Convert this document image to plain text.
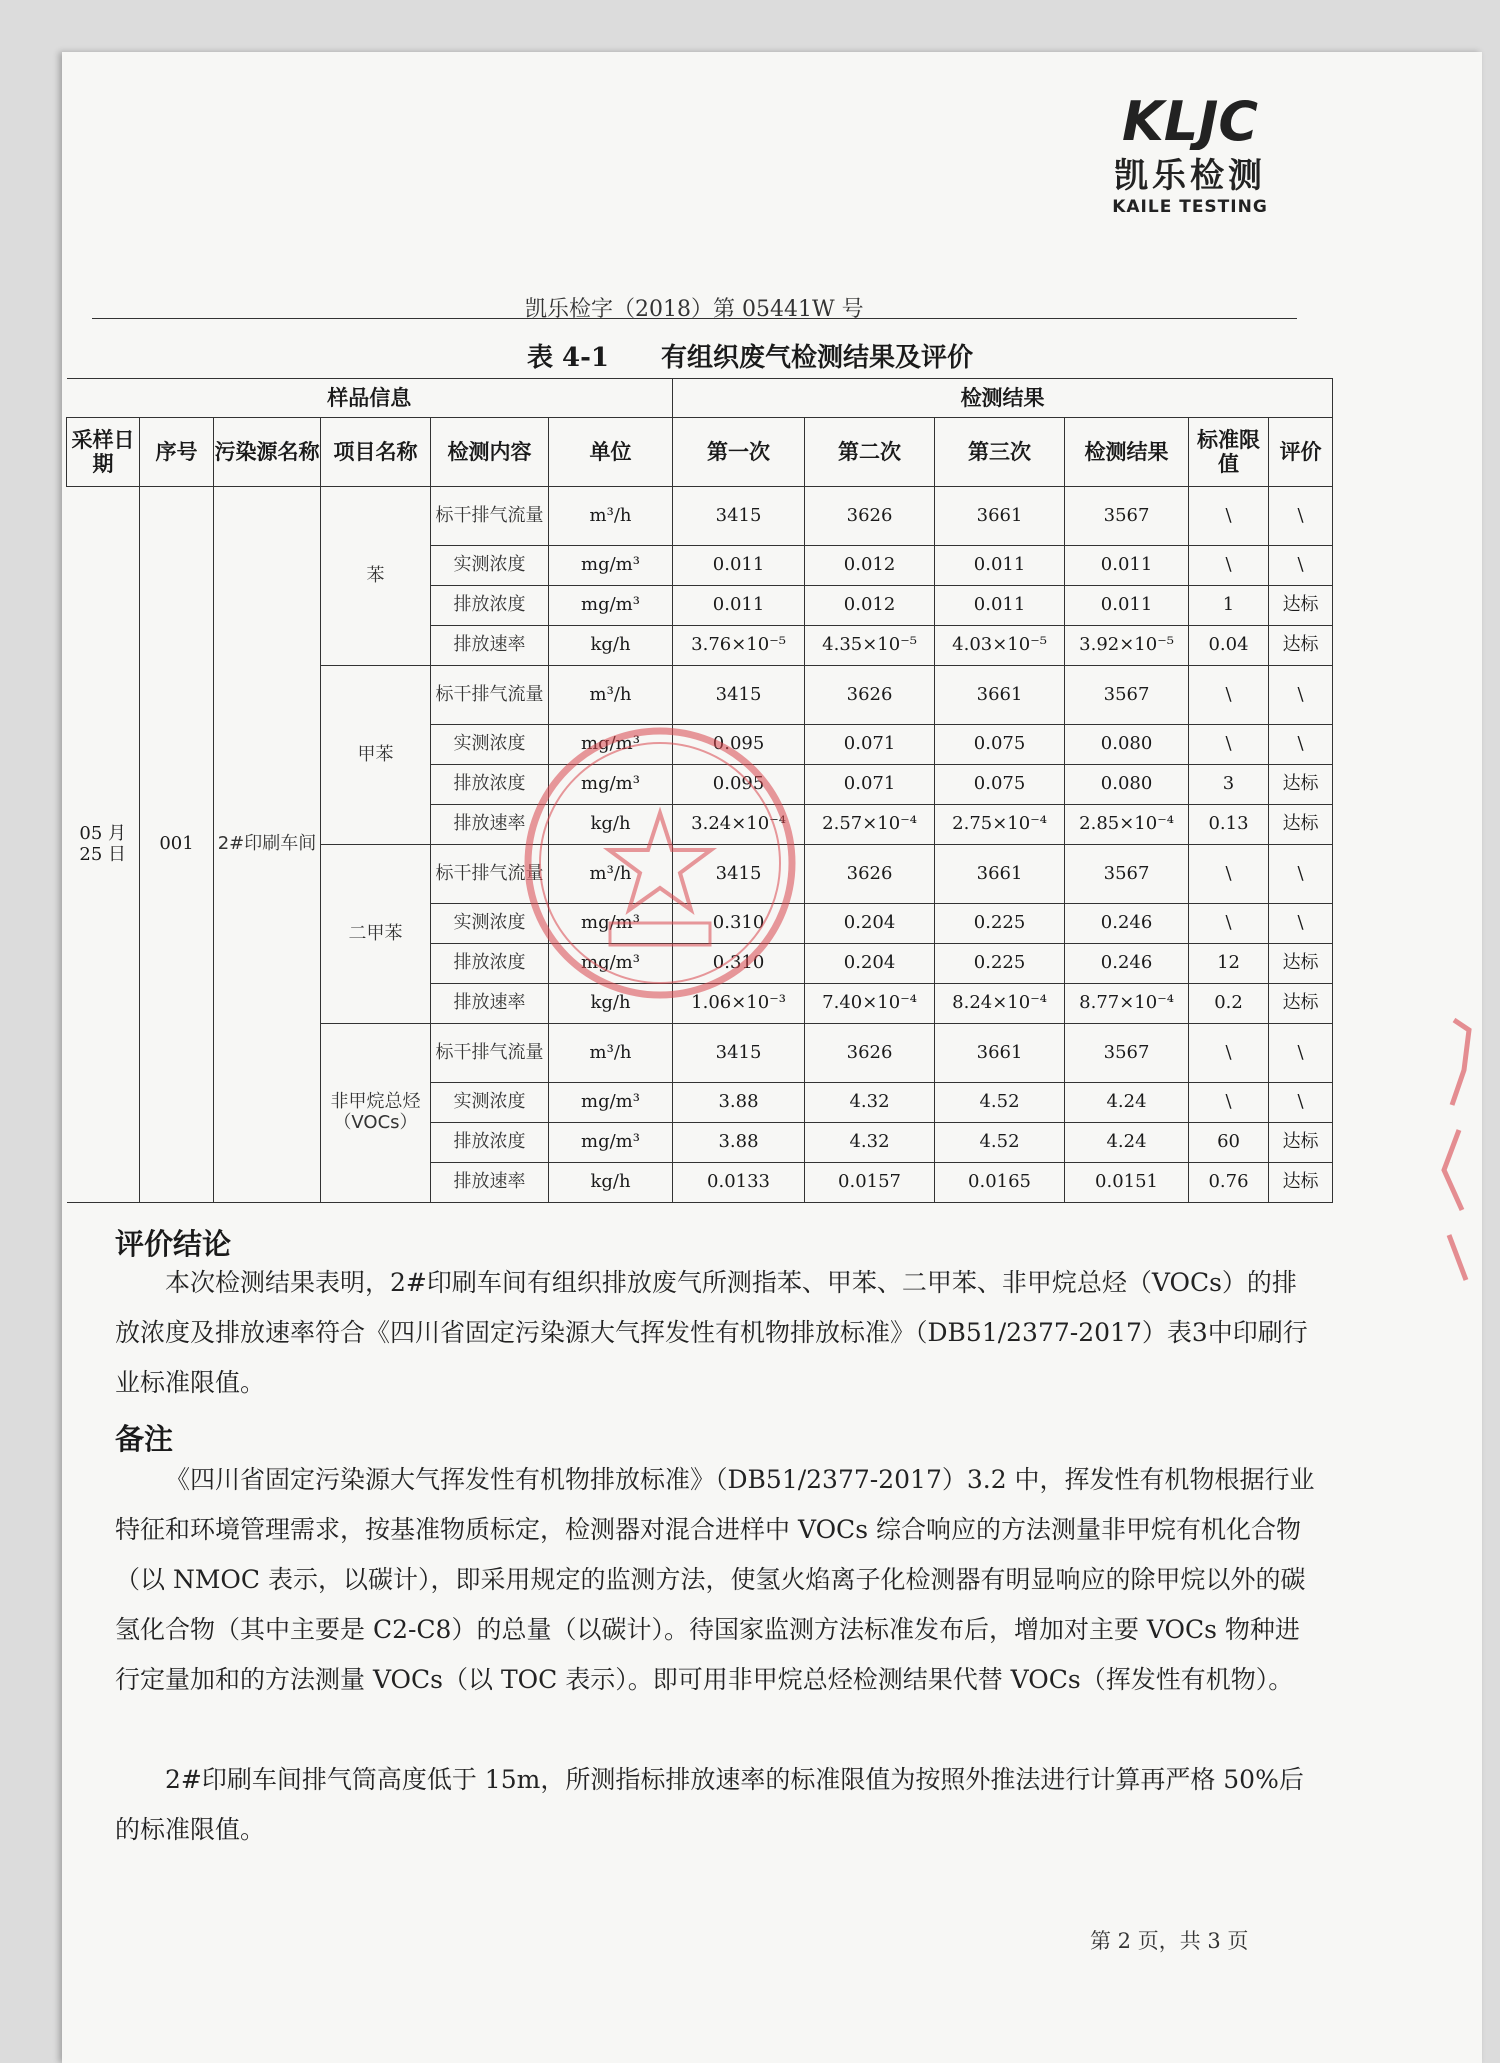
KLJC
凯乐检测
KAILE TESTING
凯乐检字（2018）第 05441W 号
表 4-1　　有组织废气检测结果及评价
样品信息						检测结果					
采样日期	序号	污染源名称	项目名称	检测内容	单位	第一次	第二次	第三次	检测结果	标准限值	评价
05 月 25 日	001	2#印刷车间	苯	标干排气流量	m³/h	3415	3626	3661	3567	\	\
				实测浓度	mg/m³	0.011	0.012	0.011	0.011	\	\
				排放浓度	mg/m³	0.011	0.012	0.011	0.011	1	达标
				排放速率	kg/h	3.76×10⁻⁵	4.35×10⁻⁵	4.03×10⁻⁵	3.92×10⁻⁵	0.04	达标
			甲苯	标干排气流量	m³/h	3415	3626	3661	3567	\	\
				实测浓度	mg/m³	0.095	0.071	0.075	0.080	\	\
				排放浓度	mg/m³	0.095	0.071	0.075	0.080	3	达标
				排放速率	kg/h	3.24×10⁻⁴	2.57×10⁻⁴	2.75×10⁻⁴	2.85×10⁻⁴	0.13	达标
			二甲苯	标干排气流量	m³/h	3415	3626	3661	3567	\	\
				实测浓度	mg/m³	0.310	0.204	0.225	0.246	\	\
				排放浓度	mg/m³	0.310	0.204	0.225	0.246	12	达标
				排放速率	kg/h	1.06×10⁻³	7.40×10⁻⁴	8.24×10⁻⁴	8.77×10⁻⁴	0.2	达标
			非甲烷总烃（VOCs）	标干排气流量	m³/h	3415	3626	3661	3567	\	\
				实测浓度	mg/m³	3.88	4.32	4.52	4.24	\	\
				排放浓度	mg/m³	3.88	4.32	4.52	4.24	60	达标
				排放速率	kg/h	0.0133	0.0157	0.0165	0.0151	0.76	达标
评价结论

本次检测结果表明，2#印刷车间有组织排放废气所测指苯、甲苯、二甲苯、非甲烷总烃（VOCs）的排放浓度及排放速率符合《四川省固定污染源大气挥发性有机物排放标准》（DB51/2377-2017）表3中印刷行业标准限值。

备注

《四川省固定污染源大气挥发性有机物排放标准》（DB51/2377-2017）3.2 中，挥发性有机物根据行业特征和环境管理需求，按基准物质标定，检测器对混合进样中 VOCs 综合响应的方法测量非甲烷有机化合物（以 NMOC 表示，以碳计），即采用规定的监测方法，使氢火焰离子化检测器有明显响应的除甲烷以外的碳氢化合物（其中主要是 C2-C8）的总量（以碳计）。待国家监测方法标准发布后，增加对主要 VOCs 物种进行定量加和的方法测量 VOCs（以 TOC 表示）。即可用非甲烷总烃检测结果代替 VOCs（挥发性有机物）。

2#印刷车间排气筒高度低于 15m，所测指标排放速率的标准限值为按照外推法进行计算再严格 50%后的标准限值。

第 2 页，共 3 页
